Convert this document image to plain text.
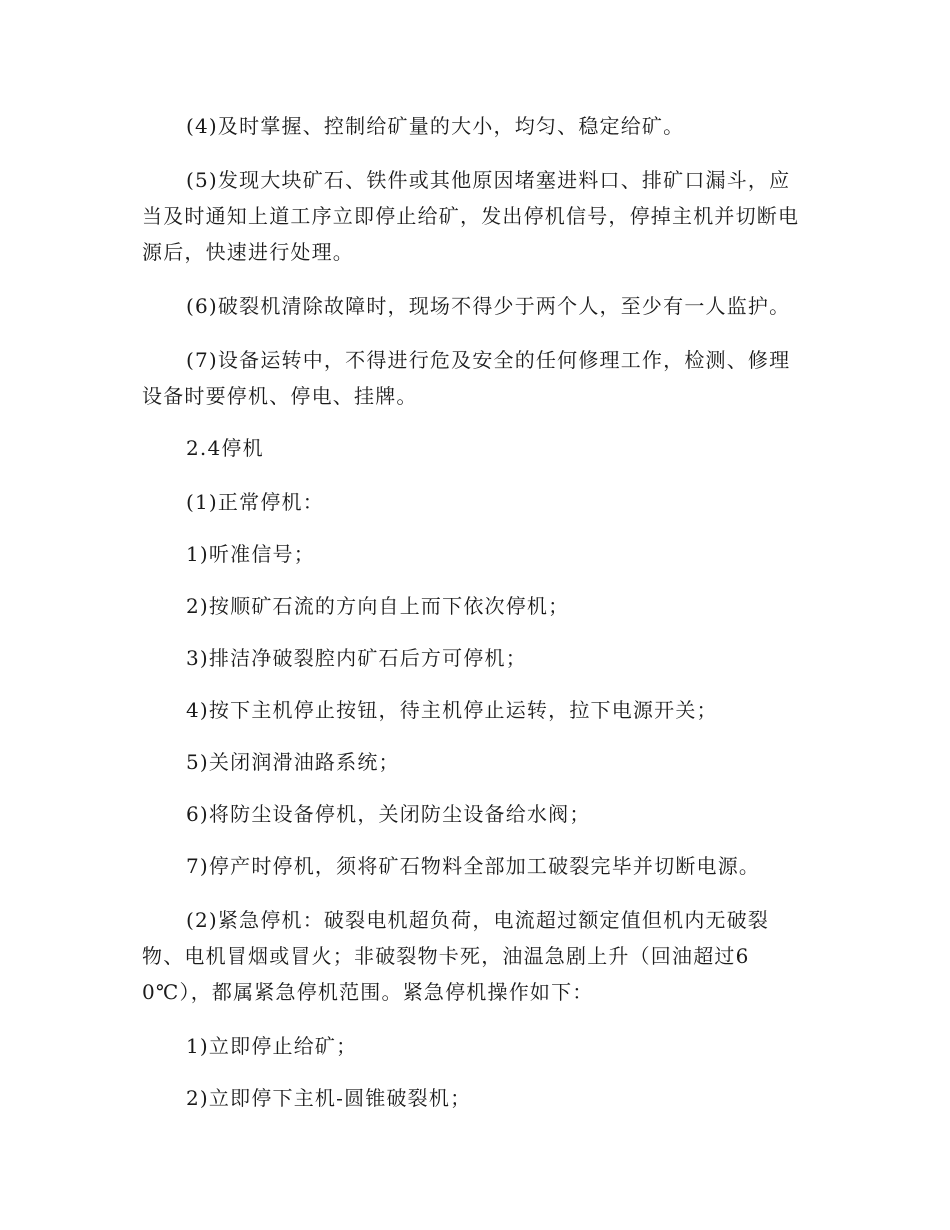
(4)及时掌握、控制给矿量的大小，均匀、稳定给矿。

(5)发现大块矿石、铁件或其他原因堵塞进料口、排矿口漏斗，应当及时通知上道工序立即停止给矿，发出停机信号，停掉主机并切断电源后，快速进行处理。

(6)破裂机清除故障时，现场不得少于两个人，至少有一人监护。

(7)设备运转中，不得进行危及安全的任何修理工作，检测、修理设备时要停机、停电、挂牌。

2.4停机

(1)正常停机：

1)听准信号；

2)按顺矿石流的方向自上而下依次停机；

3)排洁净破裂腔内矿石后方可停机；

4)按下主机停止按钮，待主机停止运转，拉下电源开关；

5)关闭润滑油路系统；

6)将防尘设备停机，关闭防尘设备给水阀；

7)停产时停机，须将矿石物料全部加工破裂完毕并切断电源。

(2)紧急停机：破裂电机超负荷，电流超过额定值但机内无破裂物、电机冒烟或冒火；非破裂物卡死，油温急剧上升（回油超过60℃），都属紧急停机范围。紧急停机操作如下：

1)立即停止给矿；

2)立即停下主机-圆锥破裂机；
